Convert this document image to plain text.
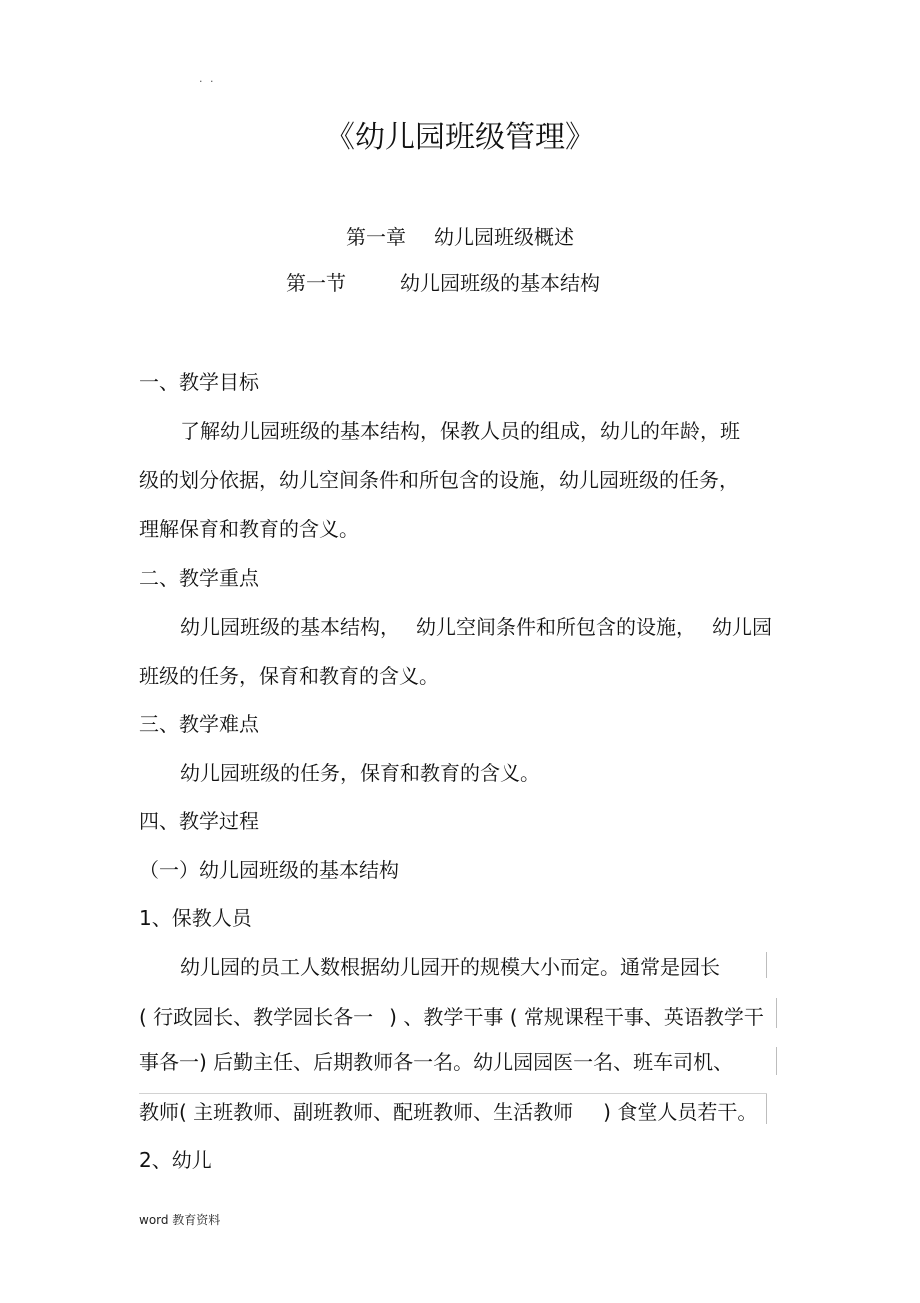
. .
《幼儿园班级管理》
第一章 幼儿园班级概述
第一节	幼儿园班级的基本结构
一、教学目标
了解幼儿园班级的基本结构，保教人员的组成，幼儿的年龄，班
级的划分依据，幼儿空间条件和所包含的设施，幼儿园班级的任务，
理解保育和教育的含义。
二、教学重点
幼儿园班级的基本结构， 幼儿空间条件和所包含的设施， 幼儿园
班级的任务，保育和教育的含义。
三、教学难点
幼儿园班级的任务，保育和教育的含义。
四、教学过程
（一）幼儿园班级的基本结构
1、保教人员
幼儿园的员工人数根据幼儿园开的规模大小而定。通常是园长
( 行政园长、教学园长各一 ) 、教学干事 ( 常规课程干事、英语教学干
事各一) 后勤主任、后期教师各一名。幼儿园园医一名、班车司机、
教师( 主班教师、副班教师、配班教师、生活教师 ) 食堂人员若干。
2、幼儿
word 教育资料
